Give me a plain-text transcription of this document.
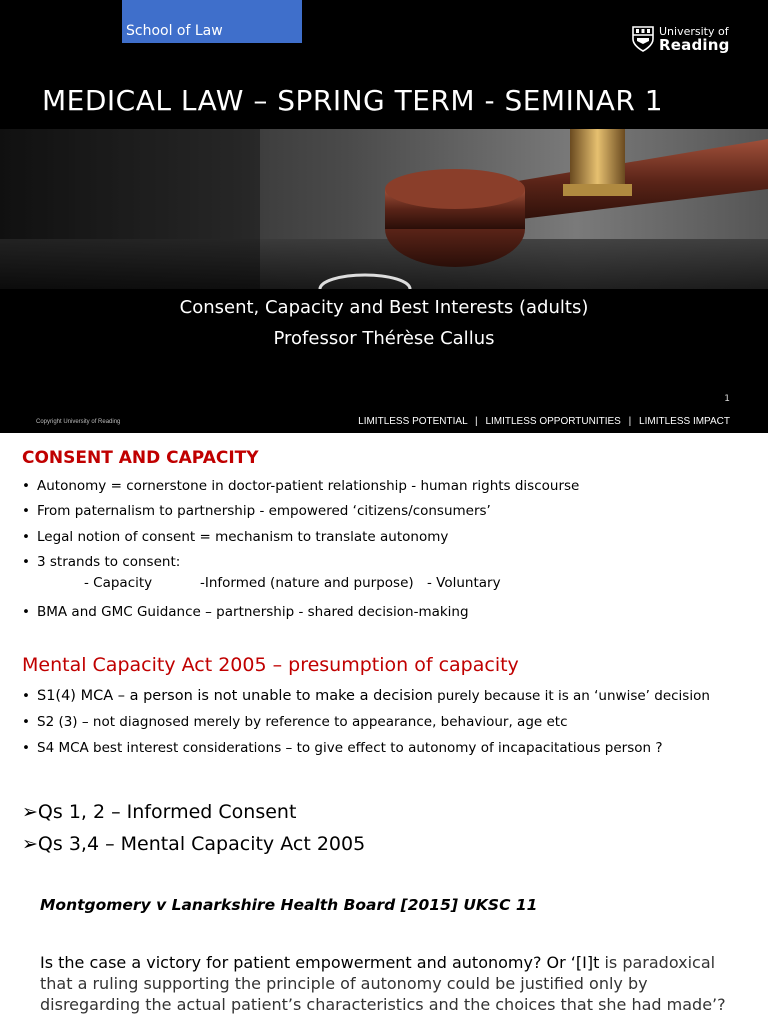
School of Law	University of
Reading
MEDICAL LAW – SPRING TERM - SEMINAR 1
Consent, Capacity and Best Interests (adults)
Professor Thérèse Callus
1
Copyright University of Reading	LIMITLESS POTENTIAL | LIMITLESS OPPORTUNITIES | LIMITLESS IMPACT
CONSENT AND CAPACITY
• Autonomy = cornerstone in doctor-patient relationship - human rights discourse
• From paternalism to partnership - empowered ‘citizens/consumers’
• Legal notion of consent = mechanism to translate autonomy
• 3 strands to consent:
- Capacity	-Informed (nature and purpose) - Voluntary
• BMA and GMC Guidance – partnership - shared decision-making
Mental Capacity Act 2005 – presumption of capacity
• S1(4) MCA – a person is not unable to make a decision purely because it is an ‘unwise’ decision
• S2 (3) – not diagnosed merely by reference to appearance, behaviour, age etc
• S4 MCA best interest considerations – to give effect to autonomy of incapacitatious person ?
➢Qs 1, 2 – Informed Consent
➢Qs 3,4 – Mental Capacity Act 2005
Montgomery v Lanarkshire Health Board [2015] UKSC 11
Is the case a victory for patient empowerment and autonomy? Or ‘[I]t is paradoxical that a ruling supporting the principle of autonomy could be justified only by disregarding the actual patient’s characteristics and the choices that she had made’?
